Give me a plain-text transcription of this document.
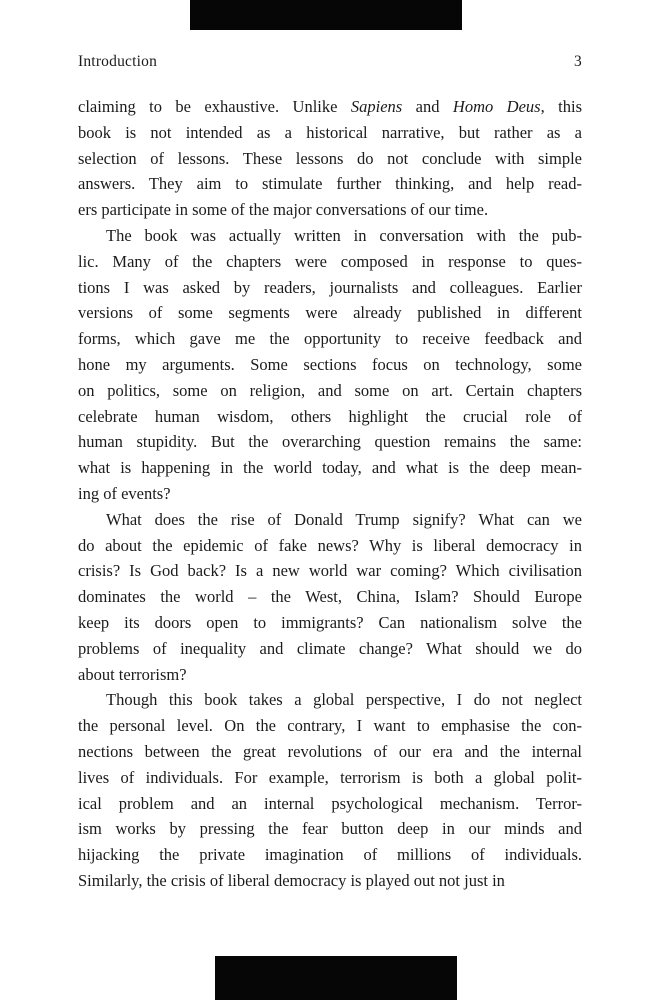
Introduction	3
claiming to be exhaustive. Unlike Sapiens and Homo Deus, this
book is not intended as a historical narrative, but rather as a
selection of lessons. These lessons do not conclude with simple
answers. They aim to stimulate further thinking, and help read-
ers participate in some of the major conversations of our time.
The book was actually written in conversation with the pub-
lic. Many of the chapters were composed in response to ques-
tions I was asked by readers, journalists and colleagues. Earlier
versions of some segments were already published in different
forms, which gave me the opportunity to receive feedback and
hone my arguments. Some sections focus on technology, some
on politics, some on religion, and some on art. Certain chapters
celebrate human wisdom, others highlight the crucial role of
human stupidity. But the overarching question remains the same:
what is happening in the world today, and what is the deep mean-
ing of events?
What does the rise of Donald Trump signify? What can we
do about the epidemic of fake news? Why is liberal democracy in
crisis? Is God back? Is a new world war coming? Which civilisation
dominates the world – the West, China, Islam? Should Europe
keep its doors open to immigrants? Can nationalism solve the
problems of inequality and climate change? What should we do
about terrorism?
Though this book takes a global perspective, I do not neglect
the personal level. On the contrary, I want to emphasise the con-
nections between the great revolutions of our era and the internal
lives of individuals. For example, terrorism is both a global polit-
ical problem and an internal psychological mechanism. Terror-
ism works by pressing the fear button deep in our minds and
hijacking the private imagination of millions of individuals.
Similarly, the crisis of liberal democracy is played out not just in
